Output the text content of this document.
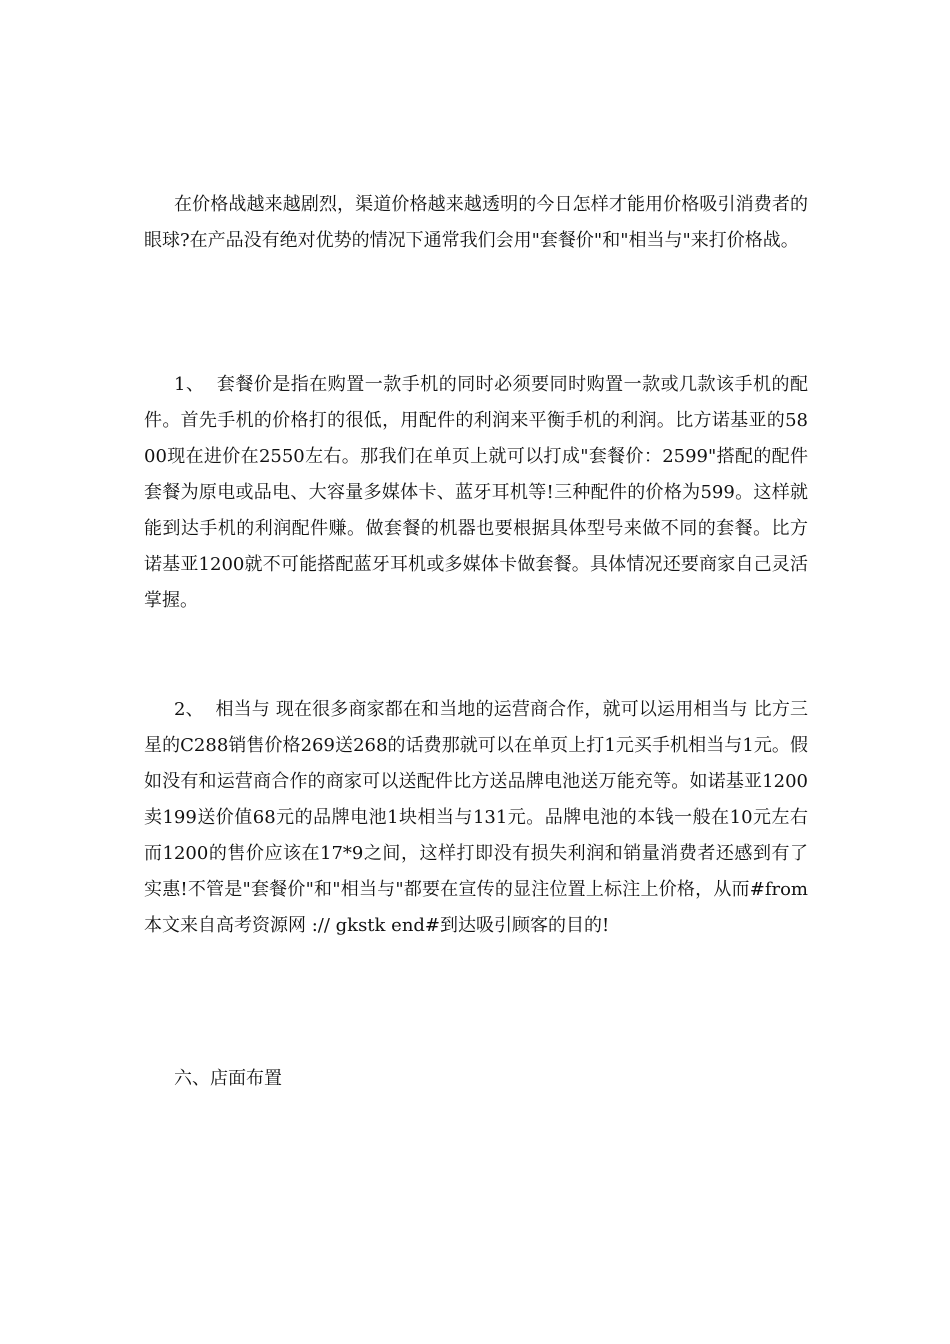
在价格战越来越剧烈，渠道价格越来越透明的今日怎样才能用价格吸引消费者的眼球?在产品没有绝对优势的情况下通常我们会用"套餐价"和"相当与"来打价格战。

1、  套餐价是指在购置一款手机的同时必须要同时购置一款或几款该手机的配件。首先手机的价格打的很低，用配件的利润来平衡手机的利润。比方诺基亚的5800现在进价在2550左右。那我们在单页上就可以打成"套餐价：2599"搭配的配件套餐为原电或品电、大容量多媒体卡、蓝牙耳机等!三种配件的价格为599。这样就能到达手机的利润配件赚。做套餐的机器也要根据具体型号来做不同的套餐。比方诺基亚1200就不可能搭配蓝牙耳机或多媒体卡做套餐。具体情况还要商家自己灵活掌握。

2、  相当与 现在很多商家都在和当地的运营商合作，就可以运用相当与 比方三星的C288销售价格269送268的话费那就可以在单页上打1元买手机相当与1元。假如没有和运营商合作的商家可以送配件比方送品牌电池送万能充等。如诺基亚1200卖199送价值68元的品牌电池1块相当与131元。品牌电池的本钱一般在10元左右而1200的售价应该在17*9之间，这样打即没有损失利润和销量消费者还感到有了实惠!不管是"套餐价"和"相当与"都要在宣传的显注位置上标注上价格，从而#from 本文来自高考资源网 :// gkstk end#到达吸引顾客的目的!

六、店面布置
